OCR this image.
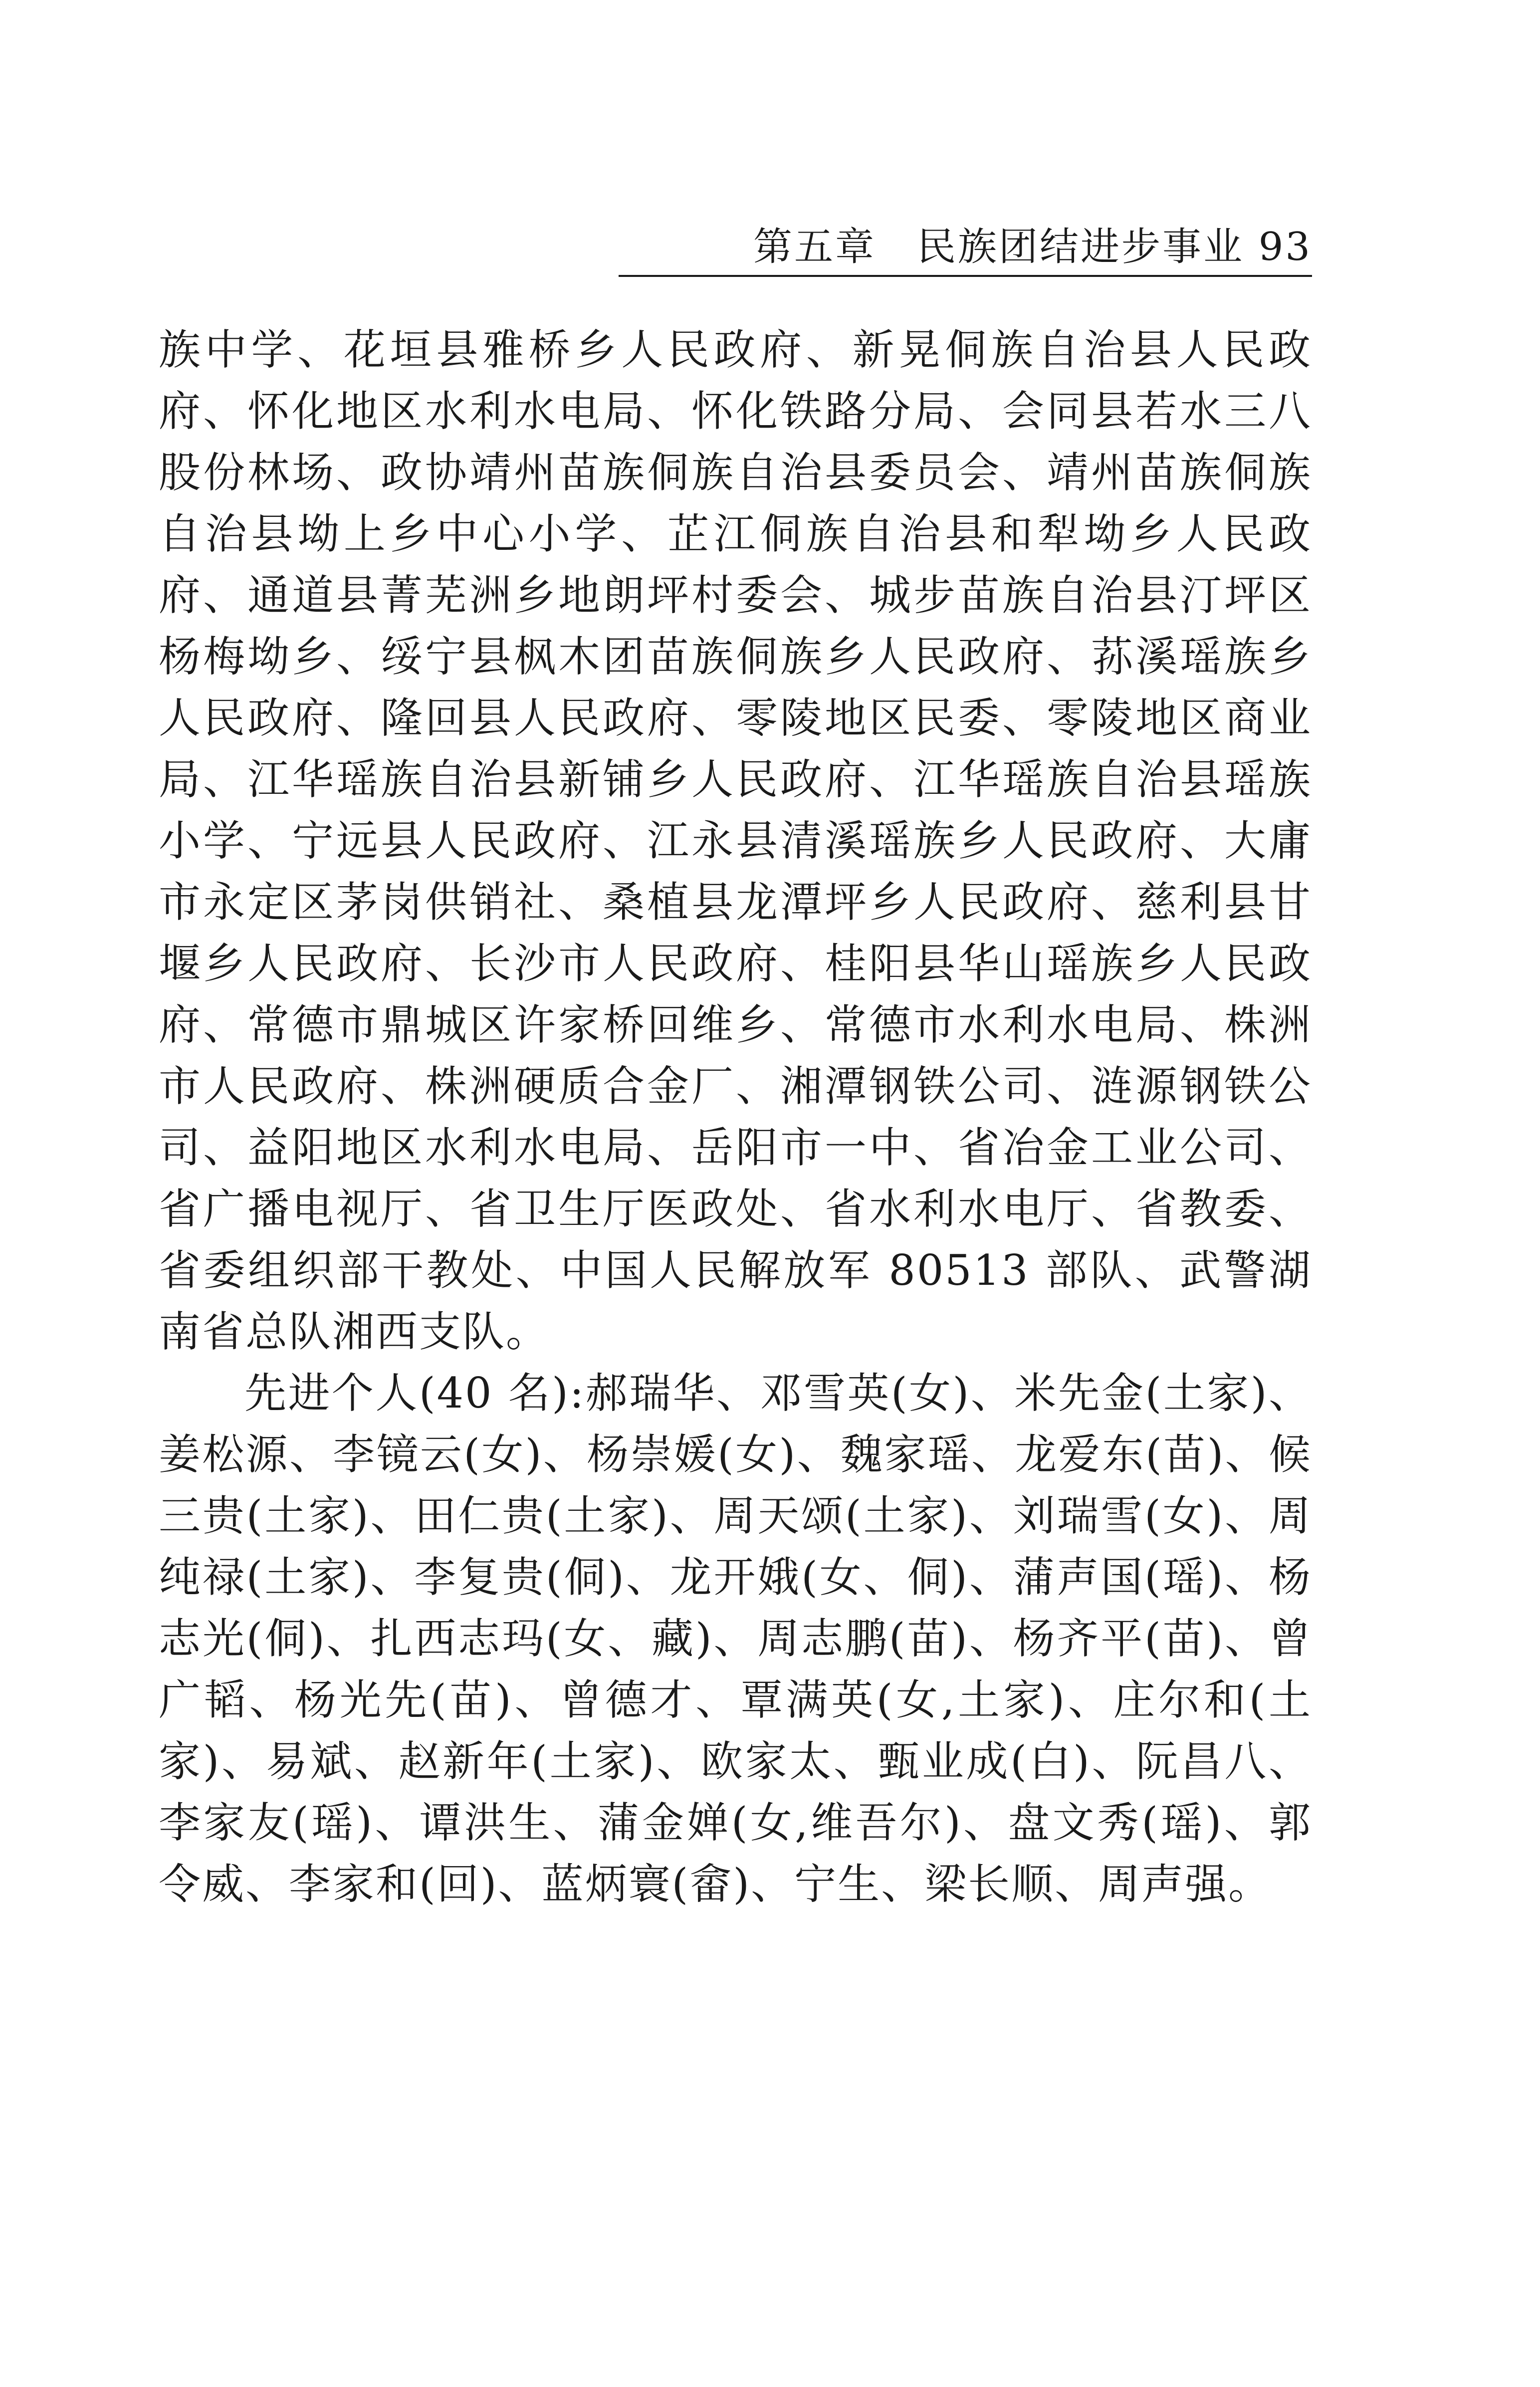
第五章　民族团结进步事业 93

族中学、花垣县雅桥乡人民政府、新晃侗族自治县人民政府、怀化地区水利水电局、怀化铁路分局、会同县若水三八股份林场、政协靖州苗族侗族自治县委员会、靖州苗族侗族自治县坳上乡中心小学、芷江侗族自治县和犁坳乡人民政府、通道县菁芜洲乡地朗坪村委会、城步苗族自治县汀坪区杨梅坳乡、绥宁县枫木团苗族侗族乡人民政府、荪溪瑶族乡人民政府、隆回县人民政府、零陵地区民委、零陵地区商业局、江华瑶族自治县新铺乡人民政府、江华瑶族自治县瑶族小学、宁远县人民政府、江永县清溪瑶族乡人民政府、大庸市永定区茅岗供销社、桑植县龙潭坪乡人民政府、慈利县甘堰乡人民政府、长沙市人民政府、桂阳县华山瑶族乡人民政府、常德市鼎城区许家桥回维乡、常德市水利水电局、株洲市人民政府、株洲硬质合金厂、湘潭钢铁公司、涟源钢铁公司、益阳地区水利水电局、岳阳市一中、省冶金工业公司、省广播电视厅、省卫生厅医政处、省水利水电厅、省教委、省委组织部干教处、中国人民解放军 80513 部队、武警湖南省总队湘西支队。

先进个人(40 名):郝瑞华、邓雪英(女)、米先金(土家)、姜松源、李镜云(女)、杨崇媛(女)、魏家瑶、龙爱东(苗)、候三贵(土家)、田仁贵(土家)、周天颂(土家)、刘瑞雪(女)、周纯禄(土家)、李复贵(侗)、龙开娥(女、侗)、蒲声国(瑶)、杨志光(侗)、扎西志玛(女、藏)、周志鹏(苗)、杨齐平(苗)、曾广韬、杨光先(苗)、曾德才、覃满英(女,土家)、庄尔和(土家)、易斌、赵新年(土家)、欧家太、甄业成(白)、阮昌八、李家友(瑶)、谭洪生、蒲金婵(女,维吾尔)、盘文秀(瑶)、郭令威、李家和(回)、蓝炳寰(畲)、宁生、梁长顺、周声强。
